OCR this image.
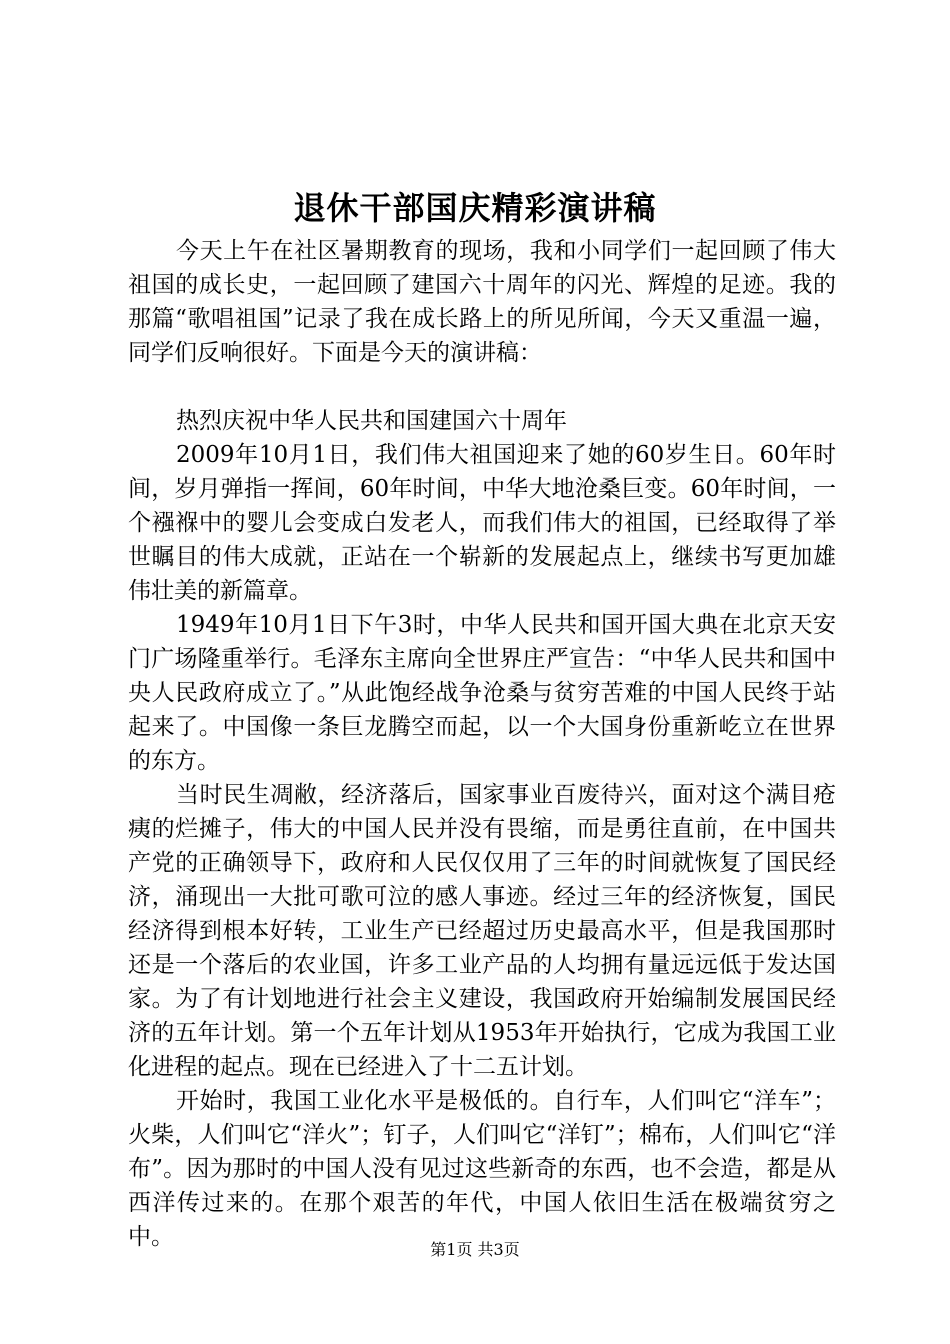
退休干部国庆精彩演讲稿

今天上午在社区暑期教育的现场，我和小同学们一起回顾了伟大祖国的成长史，一起回顾了建国六十周年的闪光、辉煌的足迹。我的那篇“歌唱祖国”记录了我在成长路上的所见所闻，今天又重温一遍，同学们反响很好。下面是今天的演讲稿：

热烈庆祝中华人民共和国建国六十周年

2009年10月1日，我们伟大祖国迎来了她的60岁生日。60年时间，岁月弹指一挥间，60年时间，中华大地沧桑巨变。60年时间，一个襁褓中的婴儿会变成白发老人，而我们伟大的祖国，已经取得了举世瞩目的伟大成就，正站在一个崭新的发展起点上，继续书写更加雄伟壮美的新篇章。

1949年10月1日下午3时，中华人民共和国开国大典在北京天安门广场隆重举行。毛泽东主席向全世界庄严宣告：“中华人民共和国中央人民政府成立了。”从此饱经战争沧桑与贫穷苦难的中国人民终于站起来了。中国像一条巨龙腾空而起，以一个大国身份重新屹立在世界的东方。

当时民生凋敝，经济落后，国家事业百废待兴，面对这个满目疮痍的烂摊子，伟大的中国人民并没有畏缩，而是勇往直前，在中国共产党的正确领导下，政府和人民仅仅用了三年的时间就恢复了国民经济，涌现出一大批可歌可泣的感人事迹。经过三年的经济恢复，国民经济得到根本好转，工业生产已经超过历史最高水平，但是我国那时还是一个落后的农业国，许多工业产品的人均拥有量远远低于发达国家。为了有计划地进行社会主义建设，我国政府开始编制发展国民经济的五年计划。第一个五年计划从1953年开始执行，它成为我国工业化进程的起点。现在已经进入了十二五计划。

开始时，我国工业化水平是极低的。自行车，人们叫它“洋车”；火柴，人们叫它“洋火”；钉子，人们叫它“洋钉”；棉布，人们叫它“洋布”。因为那时的中国人没有见过这些新奇的东西，也不会造，都是从西洋传过来的。在那个艰苦的年代，中国人依旧生活在极端贫穷之中。	第1页 共3页
